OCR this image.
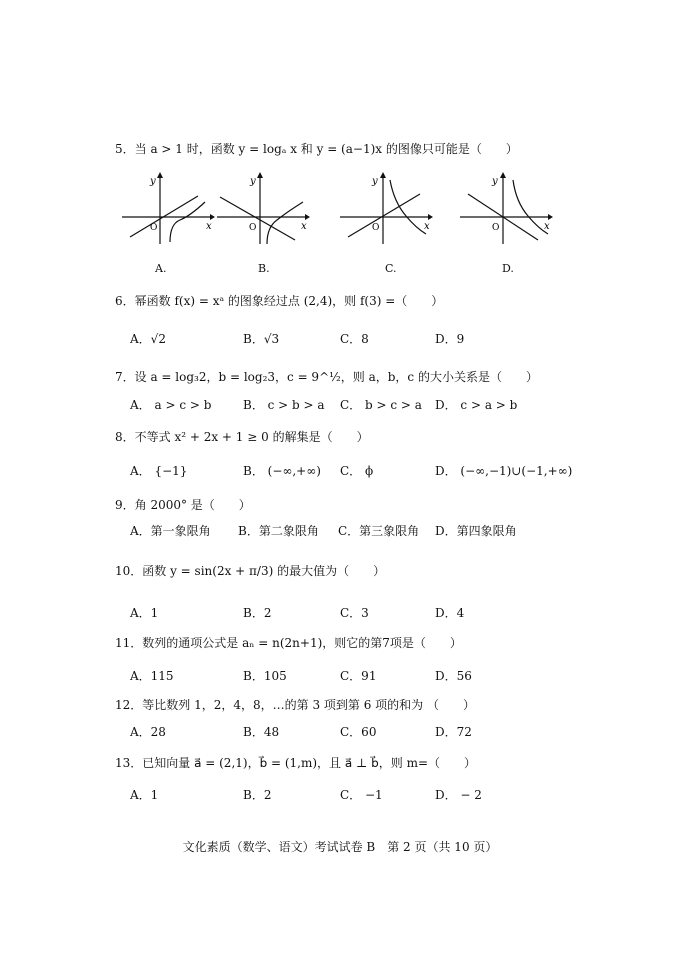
5．当 a > 1 时，函数 y = logₐ x 和 y = (a−1)x 的图像只可能是（　　）
y
x
O
y
x
O
y
x
O
y
x
O
A.	B.	C.	D.
6．幂函数 f(x) = xᵃ 的图象经过点 (2,4)，则 f(3) =（　　）
A．√2	B．√3	C．8	D．9
7．设 a = log₃2，b = log₂3，c = 9^½，则 a，b，c 的大小关系是（　　）
A． a > c > b	B． c > b > a C． b > c > a D． c > a > b
8．不等式 x² + 2x + 1 ≥ 0 的解集是（　　）
A． {−1}	B． (−∞,+∞) C． ϕ	D． (−∞,−1)∪(−1,+∞)
9．角 2000° 是（　　）
A．第一象限角 B．第二象限角 C．第三象限角 D．第四象限角
10．函数 y = sin(2x + π/3) 的最大值为（　　）
A．1	B．2	C．3	D．4
11．数列的通项公式是 aₙ = n(2n+1)，则它的第7项是（　　）
A．115	B．105	C．91	D．56
12．等比数列 1，2，4，8，…的第 3 项到第 6 项的和为 （　　）
A．28	B．48	C．60	D．72
13．已知向量 a⃗ = (2,1)，b⃗ = (1,m)，且 a⃗ ⊥ b⃗，则 m=（　　）
A．1	B．2	C． −1	D． − 2
文化素质（数学、语文）考试试卷 B　第 2 页（共 10 页）
